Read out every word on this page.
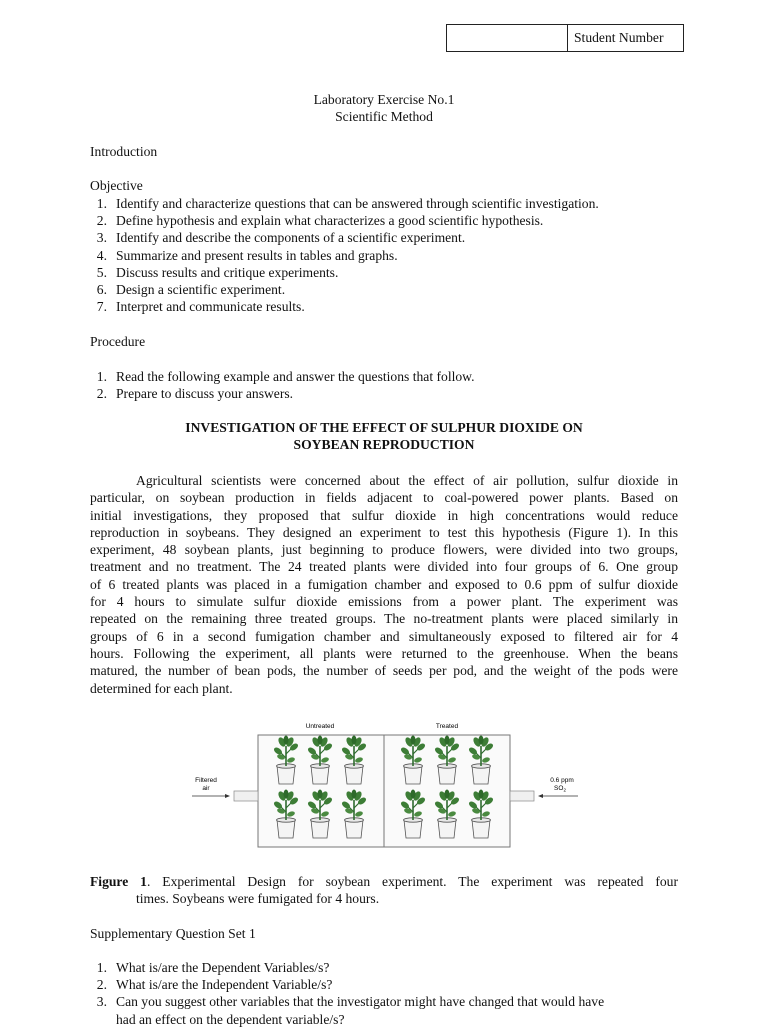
Student Number
Laboratory Exercise No.1
Scientific Method
Introduction
Objective
1. Identify and characterize questions that can be answered through scientific investigation.
2. Define hypothesis and explain what characterizes a good scientific hypothesis.
3. Identify and describe the components of a scientific experiment.
4. Summarize and present results in tables and graphs.
5. Discuss results and critique experiments.
6. Design a scientific experiment.
7. Interpret and communicate results.
Procedure
1. Read the following example and answer the questions that follow.
2. Prepare to discuss your answers.
INVESTIGATION OF THE EFFECT OF SULPHUR DIOXIDE ON
SOYBEAN REPRODUCTION
Agricultural scientists were concerned about the effect of air pollution, sulfur dioxide in
particular, on soybean production in fields adjacent to coal-powered power plants. Based on
initial investigations, they proposed that sulfur dioxide in high concentrations would reduce
reproduction in soybeans. They designed an experiment to test this hypothesis (Figure 1). In this
experiment, 48 soybean plants, just beginning to produce flowers, were divided into two groups,
treatment and no treatment. The 24 treated plants were divided into four groups of 6. One group
of 6 treated plants was placed in a fumigation chamber and exposed to 0.6 ppm of sulfur dioxide
for 4 hours to simulate sulfur dioxide emissions from a power plant. The experiment was
repeated on the remaining three treated groups. The no-treatment plants were placed similarly in
groups of 6 in a second fumigation chamber and simultaneously exposed to filtered air for 4
hours. Following the experiment, all plants were returned to the greenhouse. When the beans
matured, the number of bean pods, the number of seeds per pod, and the weight of the pods were
determined for each plant.
Untreated	Treated
Filtered
air
0.6 ppm
$SO_2$
Figure 1. Experimental Design for soybean experiment. The experiment was repeated four
times. Soybeans were fumigated for 4 hours.
Supplementary Question Set 1
1. What is/are the Dependent Variables/s?
2. What is/are the Independent Variable/s?
3. Can you suggest other variables that the investigator might have changed that would have
had an effect on the dependent variable/s?
